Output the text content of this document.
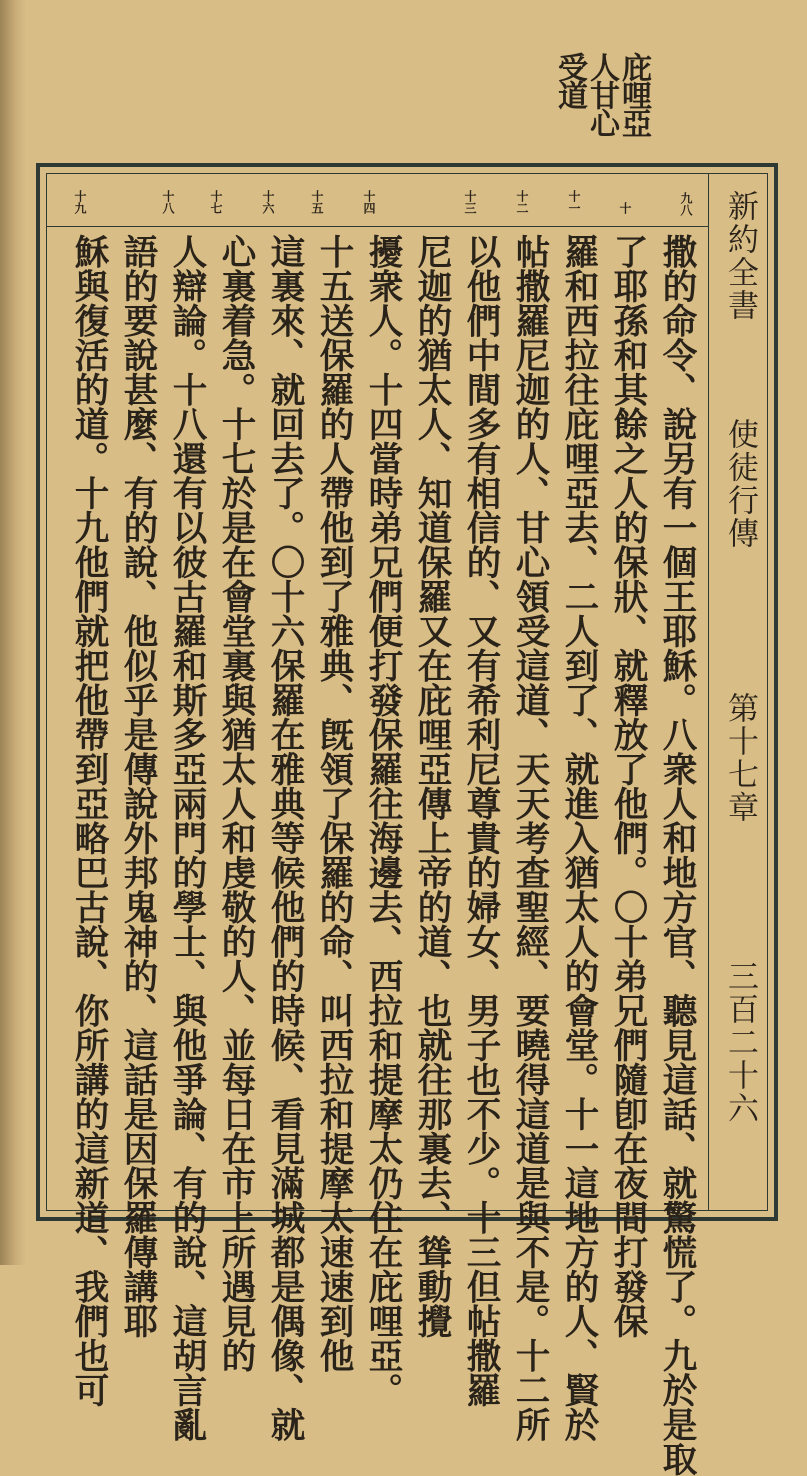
庇哩亞
人甘心
受道
新約全書
使徒行傳
第十七章
三百二十六
九八
十
十一
十二
十三
十四
十五
十六
十七
十八
十九
撒的命令、說另有一個王耶穌。八衆人和地方官、聽見這話、就驚慌了。九於是取
了耶孫和其餘之人的保狀、就釋放了他們。〇十弟兄們隨卽在夜間打發保
羅和西拉往庇哩亞去、二人到了、就進入猶太人的會堂。十一這地方的人、賢於
帖撒羅尼迦的人、甘心領受這道、天天考查聖經、要曉得這道是與不是。十二所
以他們中間多有相信的、又有希利尼尊貴的婦女、男子也不少。十三但帖撒羅
尼迦的猶太人、知道保羅又在庇哩亞傳上帝的道、也就往那裏去、聳動攪
擾衆人。十四當時弟兄們便打發保羅往海邊去、西拉和提摩太仍住在庇哩亞。
十五送保羅的人帶他到了雅典、旣領了保羅的命、叫西拉和提摩太速速到他
這裏來、就回去了。〇十六保羅在雅典等候他們的時候、看見滿城都是偶像、就
心裏着急。十七於是在會堂裏與猶太人和虔敬的人、並每日在市上所遇見的
人辯論。十八還有以彼古羅和斯多亞兩門的學士、與他爭論、有的說、這胡言亂
語的要說甚麼、有的說、他似乎是傳說外邦鬼神的、這話是因保羅傳講耶
穌與復活的道。十九他們就把他帶到亞略巴古說、你所講的這新道、我們也可
